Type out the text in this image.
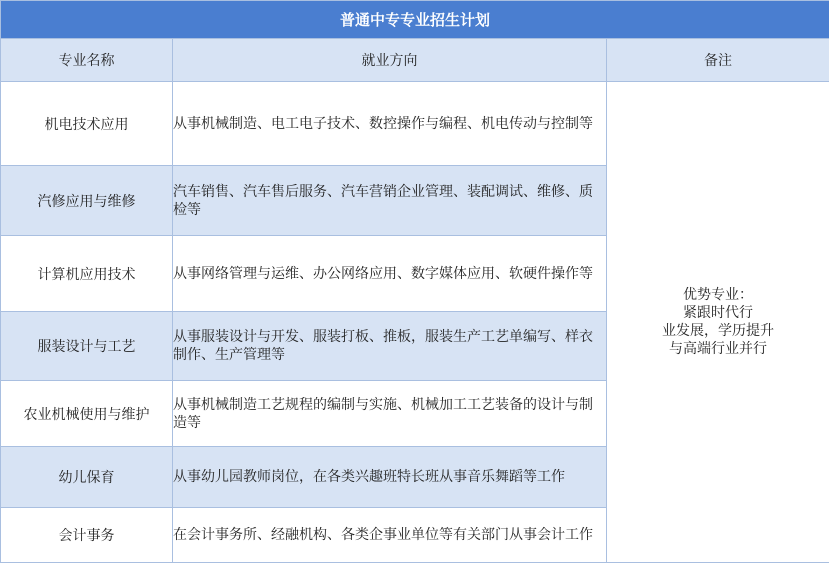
普通中专专业招生计划		
专业名称	就业方向	备注
机电技术应用	从事机械制造、电工电子技术、数控操作与编程、机电传动与控制等	优势专业：
紧跟时代行
业发展，学历提升
与高端行业并行

汽修应用与维修	汽车销售、汽车售后服务、汽车营销企业管理、装配调试、维修、质检等	
计算机应用技术	从事网络管理与运维、办公网络应用、数字媒体应用、软硬件操作等	
服装设计与工艺	从事服装设计与开发、服装打板、推板，服装生产工艺单编写、样衣制作、生产管理等	
农业机械使用与维护	从事机械制造工艺规程的编制与实施、机械加工工艺装备的设计与制造等	
幼儿保育	从事幼儿园教师岗位，在各类兴趣班特长班从事音乐舞蹈等工作	
会计事务	在会计事务所、经融机构、各类企事业单位等有关部门从事会计工作	
